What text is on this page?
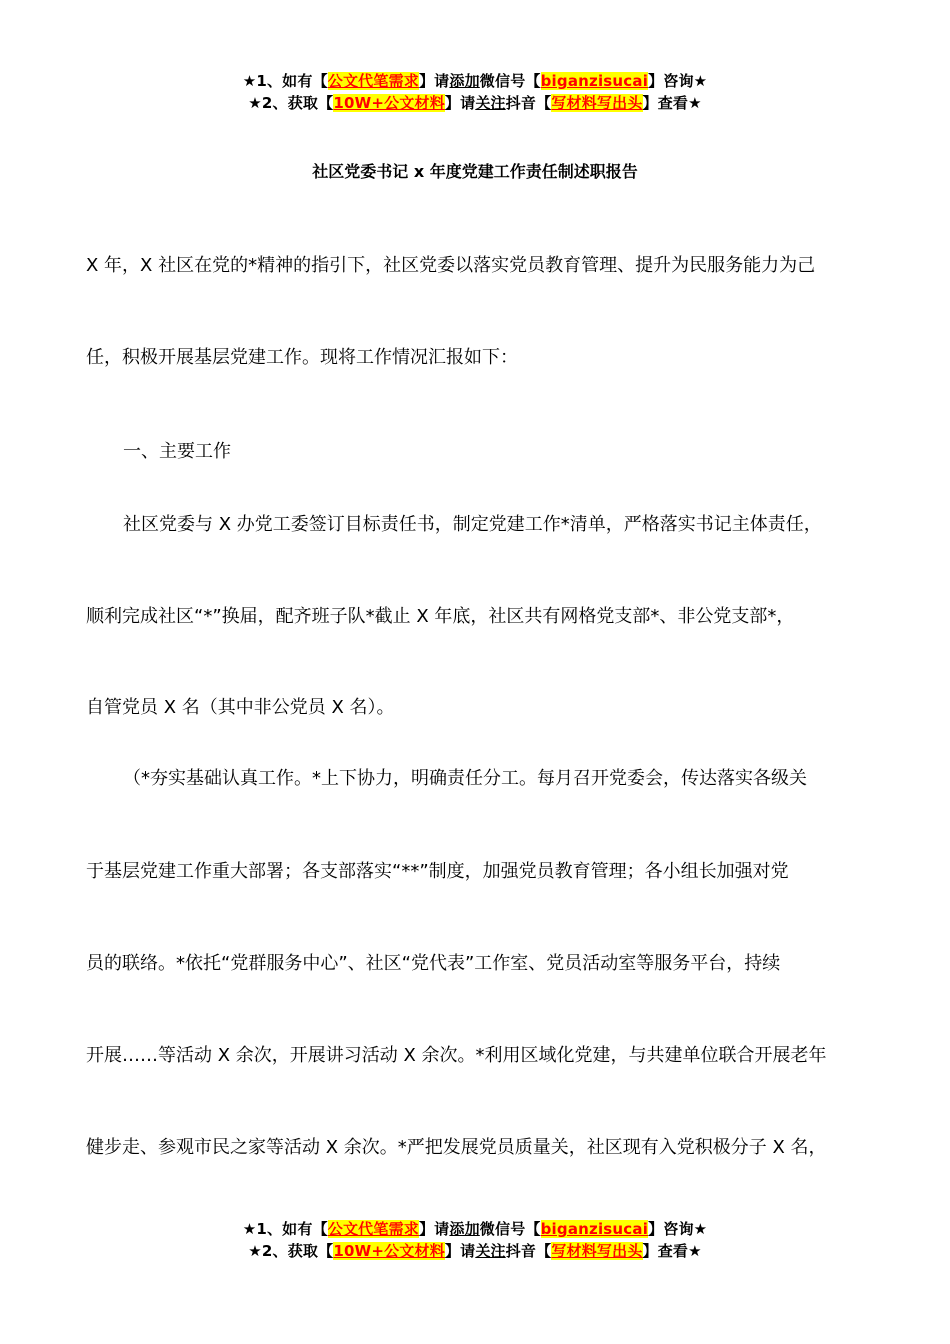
★1、如有【公文代笔需求】请添加微信号【biganzisucai】咨询★
★2、获取【10W+公文材料】请关注抖音【写材料写出头】查看★
社区党委书记 x 年度党建工作责任制述职报告
X 年，X 社区在党的*精神的指引下，社区党委以落实党员教育管理、提升为民服务能力为己
任，积极开展基层党建工作。现将工作情况汇报如下：
一、主要工作
社区党委与 X 办党工委签订目标责任书，制定党建工作*清单，严格落实书记主体责任，
顺利完成社区“*”换届，配齐班子队*截止 X 年底，社区共有网格党支部*、非公党支部*，
自管党员 X 名（其中非公党员 X 名）。
（*夯实基础认真工作。*上下协力，明确责任分工。每月召开党委会，传达落实各级关
于基层党建工作重大部署；各支部落实“**”制度，加强党员教育管理；各小组长加强对党
员的联络。*依托“党群服务中心”、社区“党代表”工作室、党员活动室等服务平台，持续
开展……等活动 X 余次，开展讲习活动 X 余次。*利用区域化党建，与共建单位联合开展老年
健步走、参观市民之家等活动 X 余次。*严把发展党员质量关，社区现有入党积极分子 X 名，
★1、如有【公文代笔需求】请添加微信号【biganzisucai】咨询★
★2、获取【10W+公文材料】请关注抖音【写材料写出头】查看★
